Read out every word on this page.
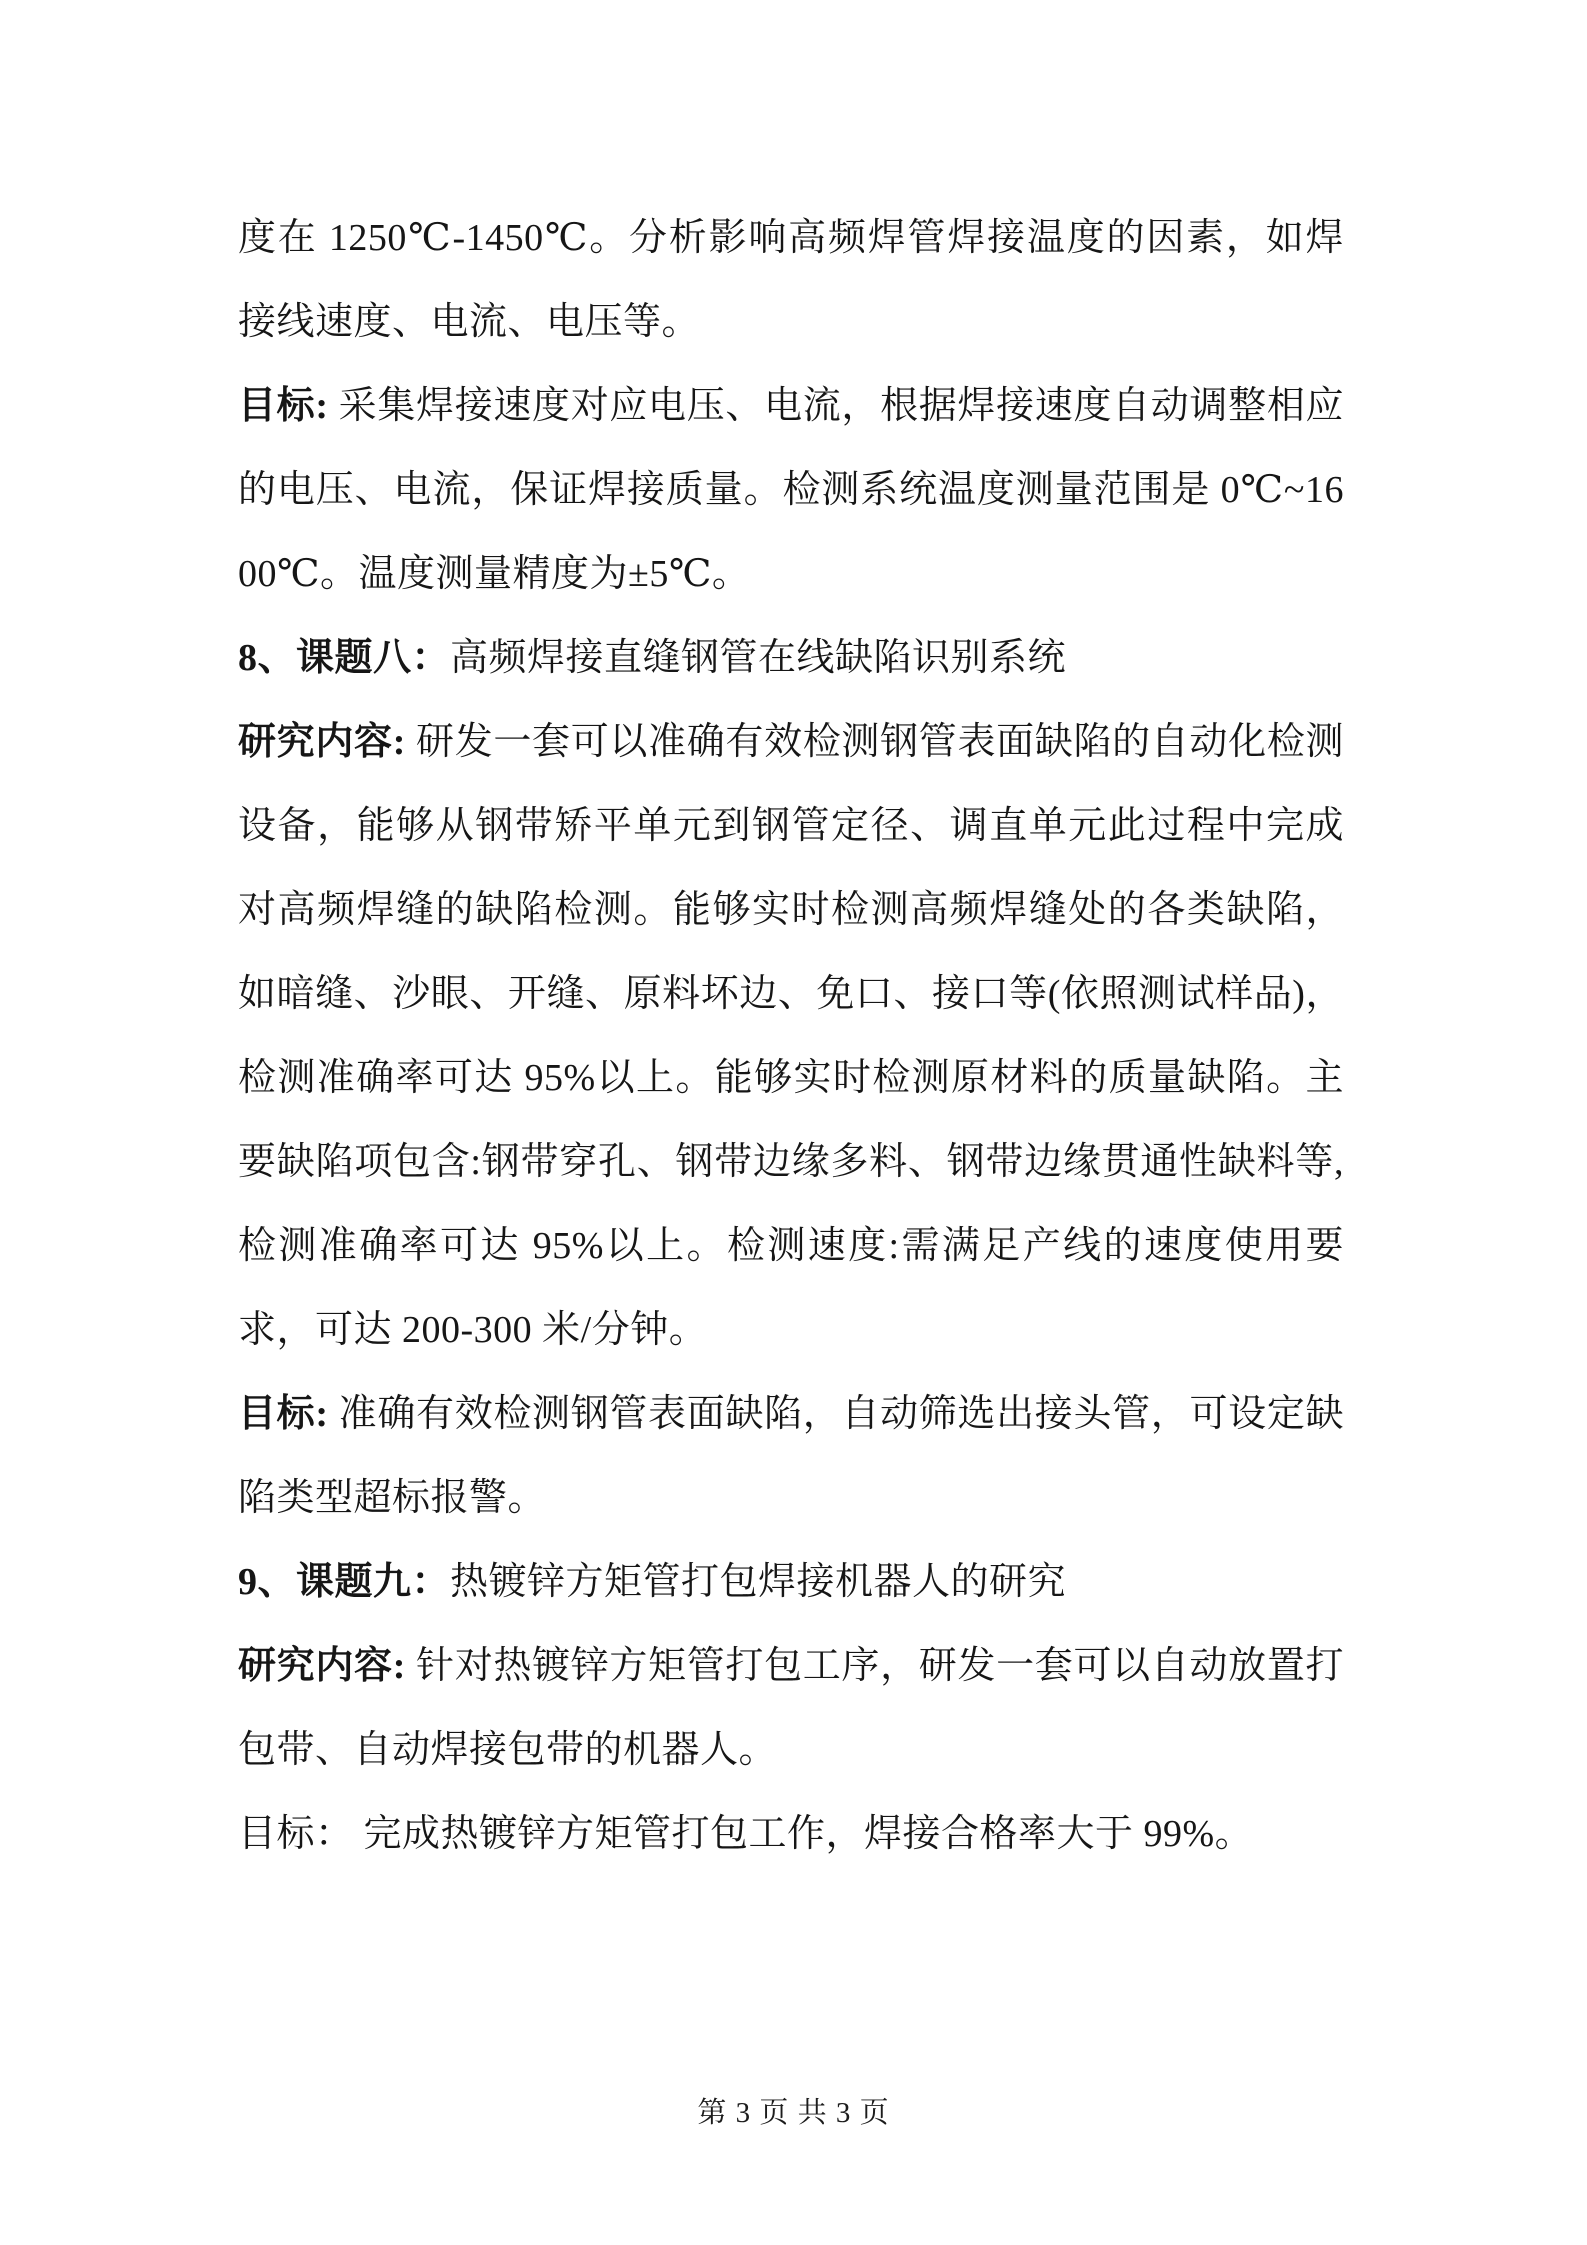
度在 1250℃-1450℃。分析影响高频焊管焊接温度的因素，如焊接线速度、电流、电压等。

目标: 采集焊接速度对应电压、电流，根据焊接速度自动调整相应的电压、电流，保证焊接质量。检测系统温度测量范围是 0℃~1600℃。温度测量精度为±5℃。

8、课题八：高频焊接直缝钢管在线缺陷识别系统

研究内容: 研发一套可以准确有效检测钢管表面缺陷的自动化检测设备，能够从钢带矫平单元到钢管定径、调直单元此过程中完成对高频焊缝的缺陷检测。能够实时检测高频焊缝处的各类缺陷，如暗缝、沙眼、开缝、原料坏边、免口、接口等(依照测试样品)，检测准确率可达 95%以上。能够实时检测原材料的质量缺陷。主要缺陷项包含:钢带穿孔、钢带边缘多料、钢带边缘贯通性缺料等,检测准确率可达 95%以上。检测速度:需满足产线的速度使用要求，可达 200-300 米/分钟。

目标: 准确有效检测钢管表面缺陷，自动筛选出接头管，可设定缺陷类型超标报警。

9、课题九：热镀锌方矩管打包焊接机器人的研究

研究内容: 针对热镀锌方矩管打包工序，研发一套可以自动放置打包带、自动焊接包带的机器人。

目标： 完成热镀锌方矩管打包工作，焊接合格率大于 99%。

第 3 页 共 3 页
